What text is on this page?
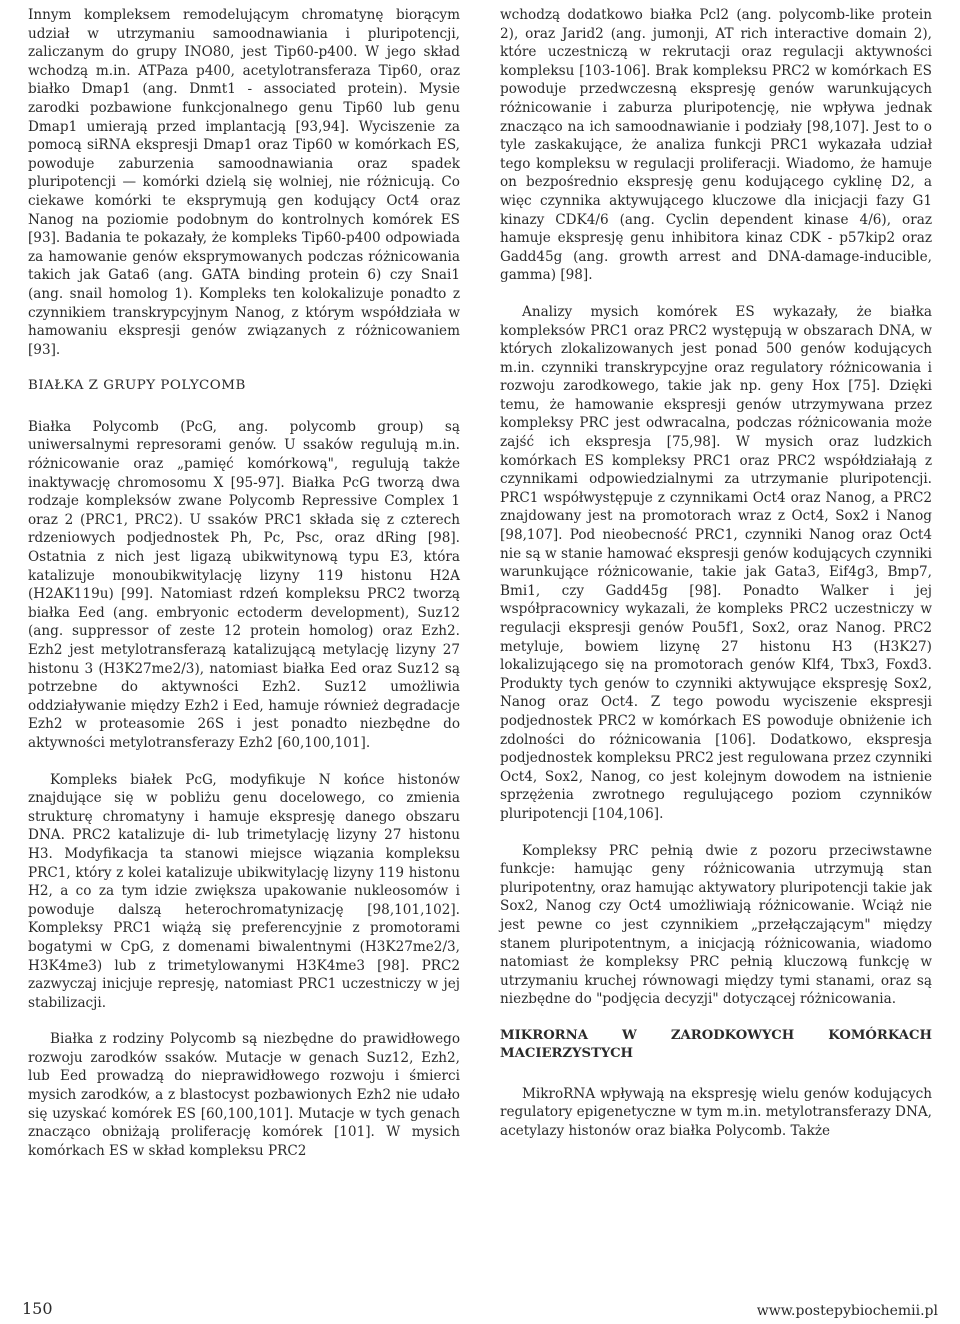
Innym kompleksem remodelującym chromatynę biorącym udział w utrzymaniu samoodnawiania i pluripotencji, zaliczanym do grupy INO80, jest Tip60-p400. W jego skład wchodzą m.in. ATPaza p400, acetylotransferaza Tip60, oraz białko Dmap1 (ang. Dnmt1 - associated protein). Mysie zarodki pozbawione funkcjonalnego genu Tip60 lub genu Dmap1 umierają przed implantacją [93,94]. Wyciszenie za pomocą siRNA ekspresji Dmap1 oraz Tip60 w komórkach ES, powoduje zaburzenia samoodnawiania oraz spadek pluripotencji — komórki dzielą się wolniej, nie różnicują. Co ciekawe komórki te eksprymują gen kodujący Oct4 oraz Nanog na poziomie podobnym do kontrolnych komórek ES [93]. Badania te pokazały, że kompleks Tip60-p400 odpowiada za hamowanie genów eksprymowanych podczas różnicowania takich jak Gata6 (ang. GATA binding protein 6) czy Snai1 (ang. snail homolog 1). Kompleks ten kolokalizuje ponadto z czynnikiem transkrypcyjnym Nanog, z którym współdziała w hamowaniu ekspresji genów związanych z różnicowaniem [93].

BIAŁKA Z GRUPY POLYCOMB

Białka Polycomb (PcG, ang. polycomb group) są uniwersalnymi represorami genów. U ssaków regulują m.in. różnicowanie oraz „pamięć komórkową", regulują także inaktywację chromosomu X [95-97]. Białka PcG tworzą dwa rodzaje kompleksów zwane Polycomb Repressive Complex 1 oraz 2 (PRC1, PRC2). U ssaków PRC1 składa się z czterech rdzeniowych podjednostek Ph, Pc, Psc, oraz dRing [98]. Ostatnia z nich jest ligazą ubikwitynową typu E3, która katalizuje monoubikwitylację lizyny 119 histonu H2A (H2AK119u) [99]. Natomiast rdzeń kompleksu PRC2 tworzą białka Eed (ang. embryonic ectoderm development), Suz12 (ang. suppressor of zeste 12 protein homolog) oraz Ezh2. Ezh2 jest metylotransferazą katalizującą metylację lizyny 27 histonu 3 (H3K27me2/3), natomiast białka Eed oraz Suz12 są potrzebne do aktywności Ezh2. Suz12 umożliwia oddziaływanie między Ezh2 i Eed, hamuje również degradacje Ezh2 w proteasomie 26S i jest ponadto niezbędne do aktywności metylotransferazy Ezh2 [60,100,101].

Kompleks białek PcG, modyfikuje N końce histonów znajdujące się w pobliżu genu docelowego, co zmienia strukturę chromatyny i hamuje ekspresję danego obszaru DNA. PRC2 katalizuje di- lub trimetylację lizyny 27 histonu H3. Modyfikacja ta stanowi miejsce wiązania kompleksu PRC1, który z kolei katalizuje ubikwitylację lizyny 119 histonu H2, a co za tym idzie zwiększa upakowanie nukleosomów i powoduje dalszą heterochromatynizację [98,101,102]. Kompleksy PRC1 wiążą się preferencyjnie z promotorami bogatymi w CpG, z domenami biwalentnymi (H3K27me2/3, H3K4me3) lub z trimetylowanymi H3K4me3 [98]. PRC2 zazwyczaj inicjuje represję, natomiast PRC1 uczestniczy w jej stabilizacji.

Białka z rodziny Polycomb są niezbędne do prawidłowego rozwoju zarodków ssaków. Mutacje w genach Suz12, Ezh2, lub Eed prowadzą do nieprawidłowego rozwoju i śmierci mysich zarodków, a z blastocyst pozbawionych Ezh2 nie udało się uzyskać komórek ES [60,100,101]. Mutacje w tych genach znacząco obniżają proliferację komórek [101]. W mysich komórkach ES w skład kompleksu PRC2

wchodzą dodatkowo białka Pcl2 (ang. polycomb-like protein 2), oraz Jarid2 (ang. jumonji, AT rich interactive domain 2), które uczestniczą w rekrutacji oraz regulacji aktywności kompleksu [103-106]. Brak kompleksu PRC2 w komórkach ES powoduje przedwczesną ekspresję genów warunkujących różnicowanie i zaburza pluripotencję, nie wpływa jednak znacząco na ich samoodnawianie i podziały [98,107]. Jest to o tyle zaskakujące, że analiza funkcji PRC1 wykazała udział tego kompleksu w regulacji proliferacji. Wiadomo, że hamuje on bezpośrednio ekspresję genu kodującego cyklinę D2, a więc czynnika aktywującego kluczowe dla inicjacji fazy G1 kinazy CDK4/6 (ang. Cyclin dependent kinase 4/6), oraz hamuje ekspresję genu inhibitora kinaz CDK - p57kip2 oraz Gadd45g (ang. growth arrest and DNA-damage-inducible, gamma) [98].

Analizy mysich komórek ES wykazały, że białka kompleksów PRC1 oraz PRC2 występują w obszarach DNA, w których zlokalizowanych jest ponad 500 genów kodujących m.in. czynniki transkrypcyjne oraz regulatory różnicowania i rozwoju zarodkowego, takie jak np. geny Hox [75]. Dzięki temu, że hamowanie ekspresji genów utrzymywana przez kompleksy PRC jest odwracalna, podczas różnicowania może zajść ich ekspresja [75,98]. W mysich oraz ludzkich komórkach ES kompleksy PRC1 oraz PRC2 współdziałają z czynnikami odpowiedzialnymi za utrzymanie pluripotencji. PRC1 współwystępuje z czynnikami Oct4 oraz Nanog, a PRC2 znajdowany jest na promotorach wraz z Oct4, Sox2 i Nanog [98,107]. Pod nieobecność PRC1, czynniki Nanog oraz Oct4 nie są w stanie hamować ekspresji genów kodujących czynniki warunkujące różnicowanie, takie jak Gata3, Eif4g3, Bmp7, Bmi1, czy Gadd45g [98]. Ponadto Walker i jej współpracownicy wykazali, że kompleks PRC2 uczestniczy w regulacji ekspresji genów Pou5f1, Sox2, oraz Nanog. PRC2 metyluje, bowiem lizynę 27 histonu H3 (H3K27) lokalizującego się na promotorach genów Klf4, Tbx3, Foxd3. Produkty tych genów to czynniki aktywujące ekspresję Sox2, Nanog oraz Oct4. Z tego powodu wyciszenie ekspresji podjednostek PRC2 w komórkach ES powoduje obniżenie ich zdolności do różnicowania [106]. Dodatkowo, ekspresja podjednostek kompleksu PRC2 jest regulowana przez czynniki Oct4, Sox2, Nanog, co jest kolejnym dowodem na istnienie sprzężenia zwrotnego regulującego poziom czynników pluripotencji [104,106].

Kompleksy PRC pełnią dwie z pozoru przeciwstawne funkcje: hamując geny różnicowania utrzymują stan pluripotentny, oraz hamując aktywatory pluripotencji takie jak Sox2, Nanog czy Oct4 umożliwiają różnicowanie. Wciąż nie jest pewne co jest czynnikiem „przełączającym" między stanem pluripotentnym, a inicjacją różnicowania, wiadomo natomiast że kompleksy PRC pełnią kluczową funkcję w utrzymaniu kruchej równowagi między tymi stanami, oraz są niezbędne do "podjęcia decyzji" dotyczącej różnicowania.

MIKRORNA W ZARODKOWYCH KOMÓRKACH MACIERZYSTYCH

MikroRNA wpływają na ekspresję wielu genów kodujących regulatory epigenetyczne w tym m.in. metylotransferazy DNA, acetylazy histonów oraz białka Polycomb. Także

150	www.postepybiochemii.pl
